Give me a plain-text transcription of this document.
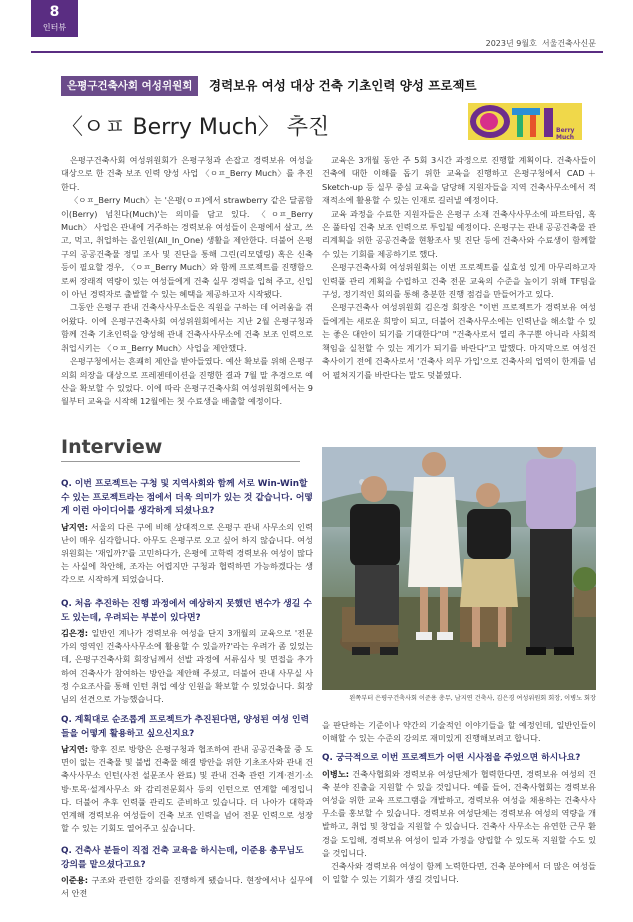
8
인터뷰
2023년 9월호 서울건축사신문
은평구건축사회 여성위원회	경력보유 여성 대상 건축 기초인력 양성 프로젝트
〈ㅇㅍ Berry Much〉 추진	Berry Much

은평구건축사회 여성위원회가 은평구청과 손잡고 경력보유 여성을 대상으로 한 건축 보조 인력 양성 사업 〈ㅇㅍ_Berry Much〉를 추진한다.

〈ㅇㅍ_Berry Much〉는 '은평(ㅇㅍ)에서 strawberry 같은 달콤함이(Berry) 넘친다(Much)'는 의미를 담고 있다. 〈ㅇㅍ_Berry Much〉 사업은 관내에 거주하는 경력보유 여성들이 은평에서 살고, 쓰고, 먹고, 취업하는 올인원(All_In_One) 생활을 제안한다. 더불어 은평구의 공공건축물 정밀 조사 및 진단을 통해 그린(리모델링) 혹은 신축 등이 필요할 경우, 〈ㅇㅍ_Berry Much〉와 함께 프로젝트를 진행함으로써 장래적 역량이 있는 여성들에게 건축 실무 경력을 입혀 주고, 신입이 아닌 경력자로 출발할 수 있는 혜택을 제공하고자 시작됐다.

그동안 은평구 관내 건축사사무소들은 직원을 구하는 데 어려움을 겪어왔다. 이에 은평구건축사회 여성위원회에서는 지난 2월 은평구청과 함께 건축 기초인력을 양성해 관내 건축사사무소에 건축 보조 인력으로 취업시키는 〈ㅇㅍ_Berry Much〉사업을 제안했다.

은평구청에서는 흔쾌히 제안을 받아들였다. 예산 확보를 위해 은평구의회 의장을 대상으로 프레젠테이션을 진행한 결과 7월 말 추경으로 예산을 확보할 수 있었다. 이에 따라 은평구건축사회 여성위원회에서는 9월부터 교육을 시작해 12월에는 첫 수료생을 배출할 예정이다.

교육은 3개월 동안 주 5회 3시간 과정으로 진행할 계획이다. 건축사들이 건축에 대한 이해를 돕기 위한 교육을 진행하고 은평구청에서 CAD＋Sketch-up 등 실무 중심 교육을 담당해 지원자들을 지역 건축사무소에서 적재적소에 활용할 수 있는 인재로 길러낼 예정이다.

교육 과정을 수료한 지원자들은 은평구 소재 건축사사무소에 파트타임, 혹은 풀타임 건축 보조 인력으로 투입될 예정이다. 은평구는 관내 공공건축물 관리계획을 위한 공공건축물 현황조사 및 진단 등에 건축사와 수료생이 함께할 수 있는 기회를 제공하기로 했다.

은평구건축사회 여성위원회는 이번 프로젝트를 실효성 있게 마무리하고자 인력풀 관리 계획을 수립하고 건축 전문 교육의 수준을 높이기 위해 TF팀을 구성, 정기적인 회의를 통해 충분한 진행 점검을 만들어가고 있다.

은평구건축사 여성위원회 김은경 회장은 "이번 프로젝트가 경력보유 여성들에게는 새로운 희망이 되고, 더불어 건축사무소에는 인력난을 해소할 수 있는 좋은 대안이 되기를 기대한다"며 "건축사로서 열리 추구뿐 아니라 사회적 책임을 실천할 수 있는 계기가 되기를 바란다"고 말했다. 마지막으로 여성건축사이기 전에 건축사로서 '건축사 의무 가입'으로 건축사의 업역이 한계를 넘어 펼쳐지기를 바란다는 말도 덧붙였다.

Interview
Q. 이번 프로젝트는 구청 및 지역사회와 함께 서로 Win-Win할 수 있는 프로젝트라는 점에서 더욱 의미가 있는 것 같습니다. 어떻게 이런 아이디어를 생각하게 되셨나요?
남지연: 서울의 다른 구에 비해 상대적으로 은평구 관내 사무소의 인력난이 매우 심각합니다. 아무도 은평구로 오고 싶어 하지 않습니다. 여성위원회는 '재입까?'를 고민하다가, 은평에 고학력 경력보유 여성이 많다는 사실에 착안해, 조자는 어렵지만 구청과 협력하면 가능하겠다는 생각으로 시작하게 되었습니다.
Q. 처음 추진하는 진행 과정에서 예상하지 못했던 변수가 생길 수도 있는데, 우려되는 부분이 있다면?
김은경: 일반인 계나가 경력보유 여성을 단지 3개월의 교육으로 '전문가의 영역인 건축사사무소에 활용할 수 있을까?'라는 우려가 좀 있었는데, 은평구건축사회 회장님께서 선발 과정에 서류심사 및 면접을 추가하여 건축사가 참여하는 방안을 제안해 주셨고, 더불어 관내 사무실 사정 수요조사를 통해 인턴 취업 예상 인원을 확보할 수 있었습니다. 회장님의 선견으로 가능했습니다.
Q. 계획대로 순조롭게 프로젝트가 추진된다면, 양성된 여성 인력들을 어떻게 활용하고 싶으신지요?
남지연: 향후 진로 방향은 은평구청과 협조하여 관내 공공건축물 중 도면이 없는 건축물 및 불법 건축물 해결 방안을 위한 기초조사와 관내 건축사사무소 인턴(사전 설문조사 완료) 및 관내 건축 관련 기계·전기·소방·토목·설계사무소 와 감리전문회사 등의 인턴으로 연계할 예정입니다. 더불어 추후 인력풀 관리도 준비하고 있습니다. 더 나아가 대학과 연계해 경력보유 여성들이 건축 보조 인력을 넘어 전문 인력으로 성장할 수 있는 기회도 열어주고 싶습니다.
Q. 건축사 분들이 직접 건축 교육을 하시는데, 이준용 총무님도 강의를 맡으셨다고요?
이준용: 구조와 관련한 강의를 진행하게 됐습니다. 현장에서나 실무에서 안전
왼쪽부터 은평구건축사회 이준용 총무, 남지연 건축사, 김은경 여성위원회 회장, 이병노 회장
을 판단하는 기준이나 약간의 기술적인 이야기들을 할 예정인데, 일반인들이 이해할 수 있는 수준의 강의로 재미있게 진행해보려고 합니다.
Q. 궁극적으로 이번 프로젝트가 어떤 시사점을 주었으면 하시나요?
이병노: 건축사협회와 경력보유 여성단체가 협력한다면, 경력보유 여성의 건축 분야 진출을 지원할 수 있을 것입니다. 예를 들어, 건축사협회는 경력보유 여성을 위한 교육 프로그램을 개발하고, 경력보유 여성을 채용하는 건축사사무소를 홍보할 수 있습니다. 경력보유 여성단체는 경력보유 여성의 역량을 개발하고, 취업 및 창업을 지원할 수 있습니다. 건축사 사무소는 유연한 근무 환경을 도입해, 경력보유 여성이 일과 가정을 양립할 수 있도록 지원할 수도 있을 것입니다.
건축사와 경력보유 여성이 함께 노력한다면, 건축 분야에서 더 많은 여성들이 일할 수 있는 기회가 생길 것입니다.
